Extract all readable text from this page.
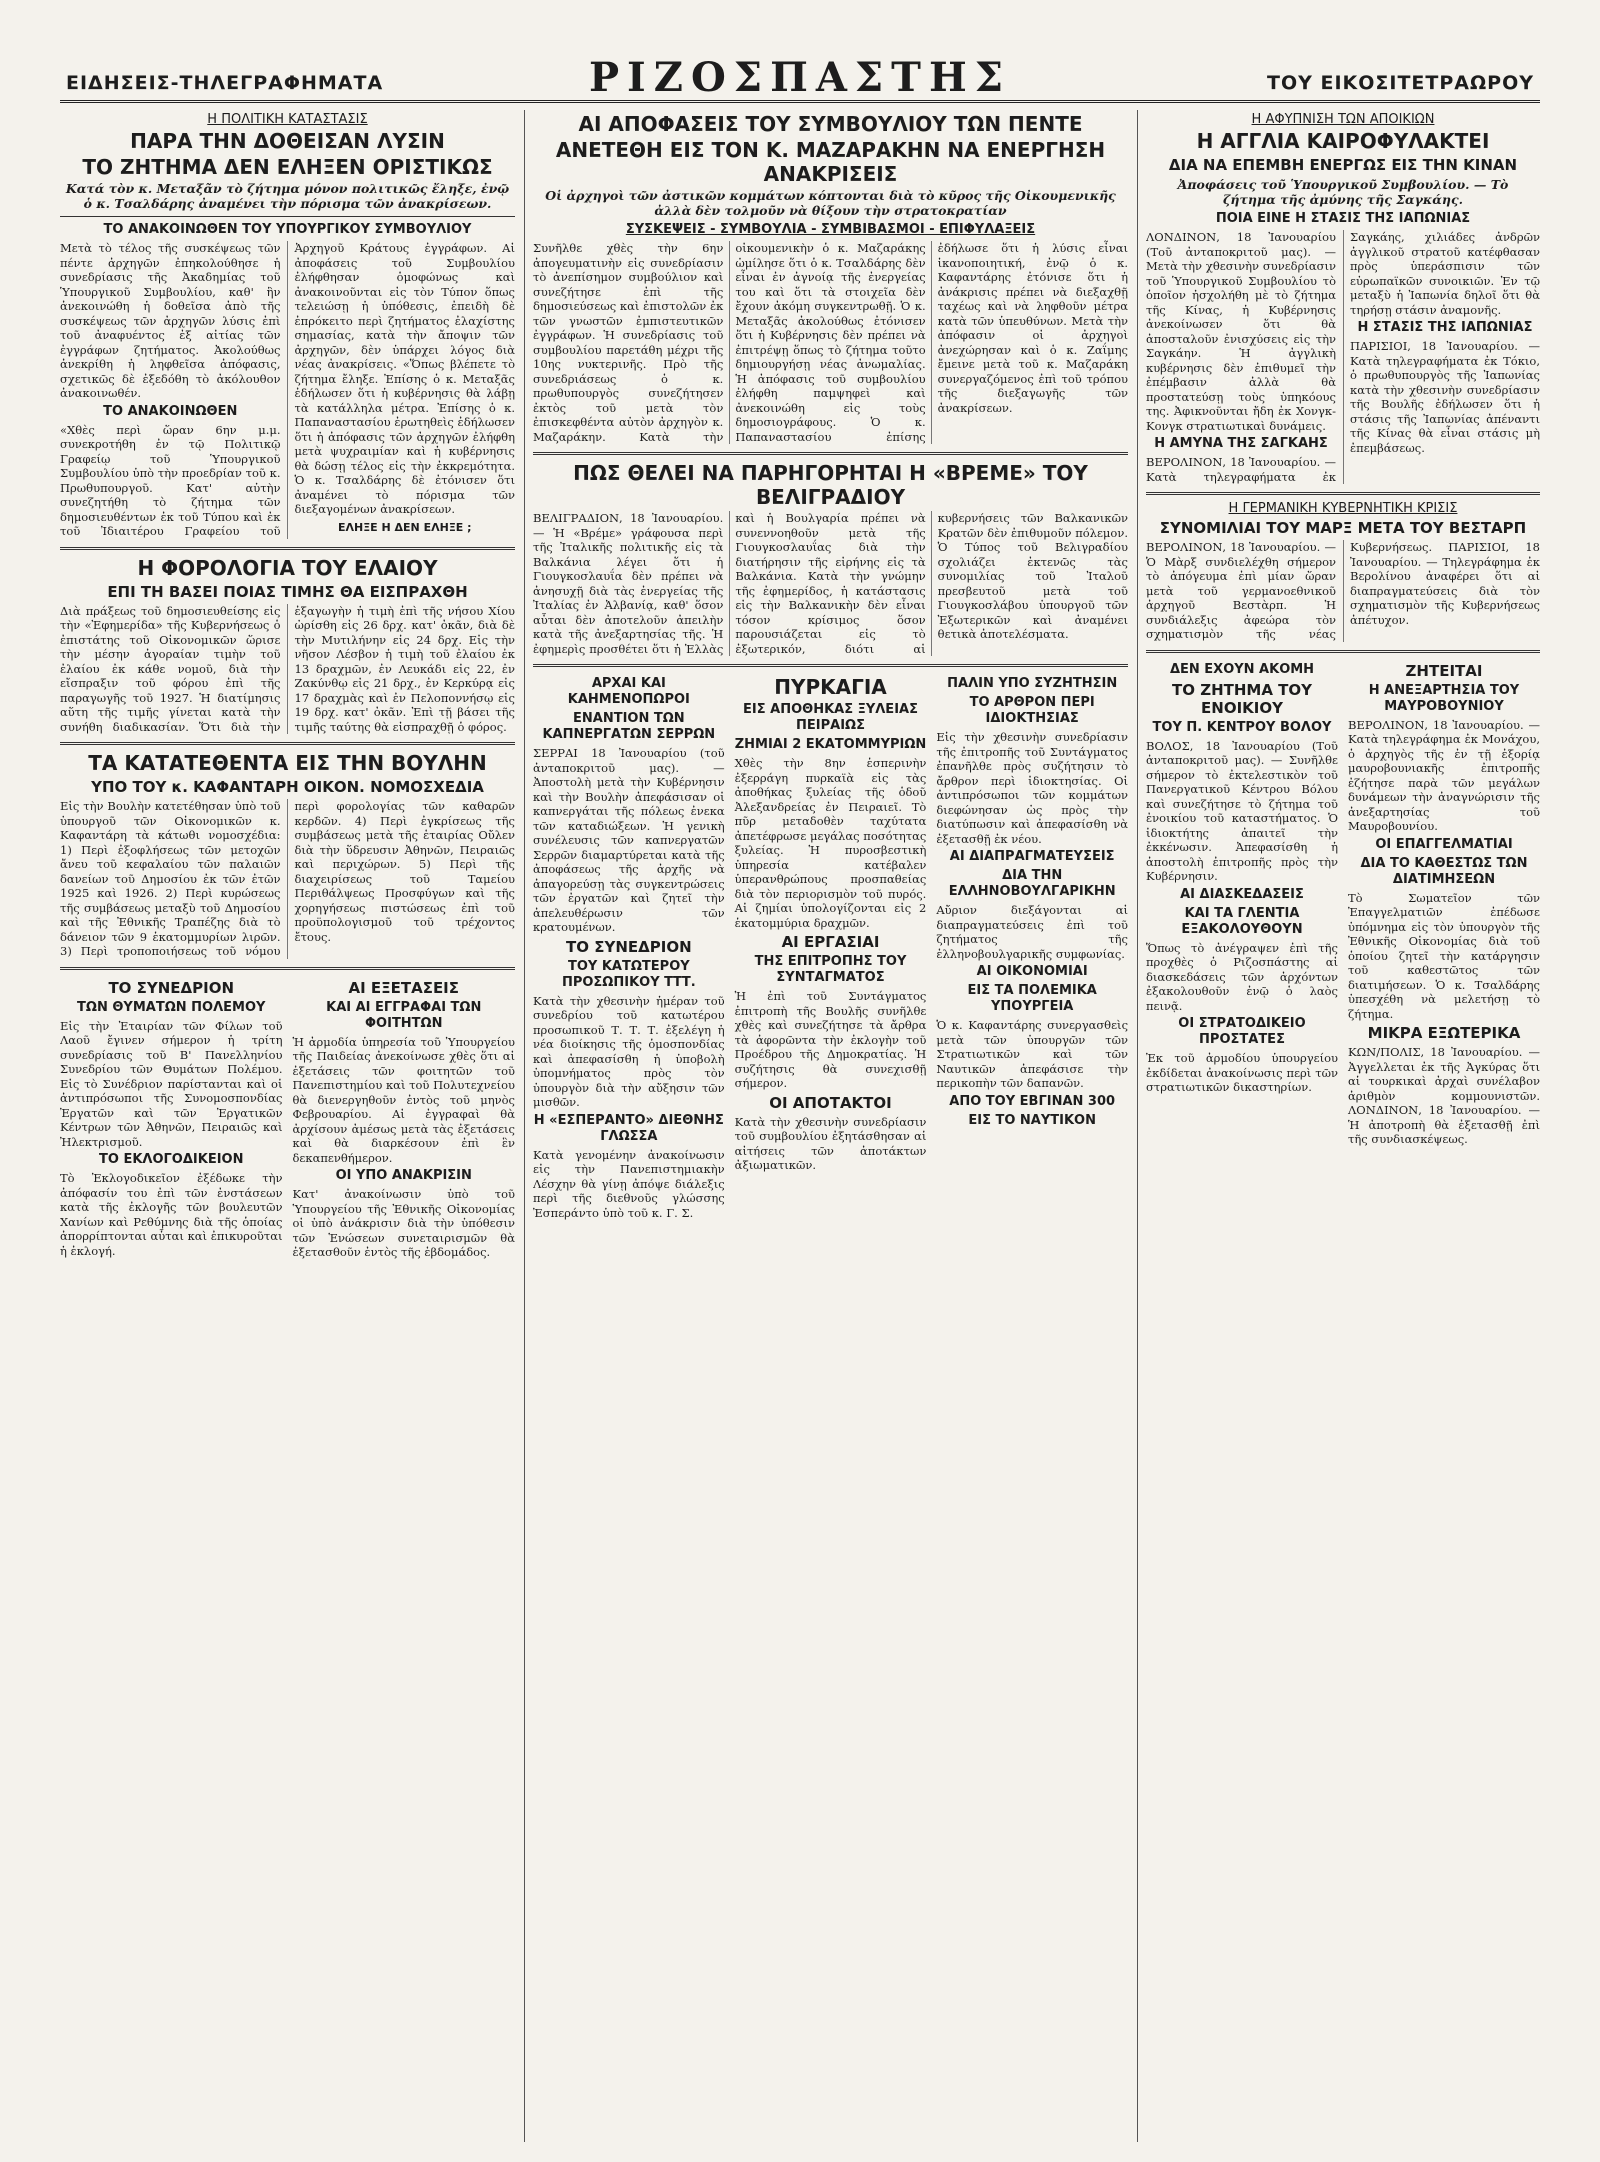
ΕΙΔΗΣΕΙΣ-ΤΗΛΕΓΡΑΦΗΜΑΤΑ	ΡΙΖΟΣΠΑΣΤΗΣ	ΤΟΥ ΕΙΚΟΣΙΤΕΤΡΑΩΡΟΥ
Η ΠΟΛΙΤΙΚΗ ΚΑΤΑΣΤΑΣΙΣ
ΠΑΡΑ ΤΗΝ ΔΟΘΕΙΣΑΝ ΛΥΣΙΝ
ΤΟ ΖΗΤΗΜΑ ΔΕΝ ΕΛΗΞΕΝ ΟΡΙΣΤΙΚΩΣ
Κατά τὸν κ. Μεταξᾶν τὸ ζήτημα μόνον πολιτικῶς ἔληξε, ἐνῷ ὁ κ. Τσαλδάρης ἀναμένει τὴν πόρισμα τῶν ἀνακρίσεων.
ΤΟ ΑΝΑΚΟΙΝΩΘΕΝ ΤΟΥ ΥΠΟΥΡΓΙΚΟΥ ΣΥΜΒΟΥΛΙΟΥ
Μετὰ τὸ τέλος τῆς συσκέψεως τῶν πέντε ἀρχηγῶν ἐπηκολούθησε ἡ συνεδρίασις τῆς Ἀκαδημίας τοῦ Ὑπουργικοῦ Συμβουλίου, καθ' ἣν ἀνεκοινώθη ἡ δοθεῖσα ἀπὸ τῆς συσκέψεως τῶν ἀρχηγῶν λύσις ἐπὶ τοῦ ἀναφυέντος ἐξ αἰτίας τῶν ἐγγράφων ζητήματος. Ἀκολούθως ἀνεκρίθη ἡ ληφθεῖσα ἀπόφασις, σχετικῶς δὲ ἐξεδόθη τὸ ἀκόλουθον ἀνακοινωθέν.
ΤΟ ΑΝΑΚΟΙΝΩΘΕΝ
«Χθὲς περὶ ὥραν 6ην μ.μ. συνεκροτήθη ἐν τῷ Πολιτικῷ Γραφείῳ τοῦ Ὑπουργικοῦ Συμβουλίου ὑπὸ τὴν προεδρίαν τοῦ κ. Πρωθυπουργοῦ. Κατ' αὐτὴν συνεζητήθη τὸ ζήτημα τῶν δημοσιευθέντων ἐκ τοῦ Τύπου καὶ ἐκ τοῦ Ἰδιαιτέρου Γραφείου τοῦ Ἀρχηγοῦ Κράτους ἐγγράφων. Αἱ ἀποφάσεις τοῦ Συμβουλίου ἐλήφθησαν ὁμοφώνως καὶ ἀνακοινοῦνται εἰς τὸν Τύπον ὅπως τελειώσῃ ἡ ὑπόθεσις, ἐπειδὴ δὲ ἐπρόκειτο περὶ ζητήματος ἐλαχίστης σημασίας, κατὰ τὴν ἄποψιν τῶν ἀρχηγῶν, δὲν ὑπάρχει λόγος διὰ νέας ἀνακρίσεις. «Ὅπως βλέπετε τὸ ζήτημα ἔληξε. Ἐπίσης ὁ κ. Μεταξᾶς ἐδήλωσεν ὅτι ἡ κυβέρνησις θὰ λάβῃ τὰ κατάλληλα μέτρα. Ἐπίσης ὁ κ. Παπαναστασίου ἐρωτηθεὶς ἐδήλωσεν ὅτι ἡ ἀπόφασις τῶν ἀρχηγῶν ἐλήφθη μετὰ ψυχραιμίαν καὶ ἡ κυβέρνησις θὰ δώσῃ τέλος εἰς τὴν ἐκκρεμότητα. Ὁ κ. Τσαλδάρης δὲ ἐτόνισεν ὅτι ἀναμένει τὸ πόρισμα τῶν διεξαγομένων ἀνακρίσεων.
ΕΛΗΞΕ Η ΔΕΝ ΕΛΗΞΕ ;
Η ΦΟΡΟΛΟΓΙΑ ΤΟΥ ΕΛΑΙΟΥ
ΕΠΙ ΤΗ ΒΑΣΕΙ ΠΟΙΑΣ ΤΙΜΗΣ ΘΑ ΕΙΣΠΡΑΧΘΗ
Διὰ πράξεως τοῦ δημοσιευθείσης εἰς τὴν «Ἐφημερίδα» τῆς Κυβερνήσεως ὁ ἐπιστάτης τοῦ Οἰκονομικῶν ὥρισε τὴν μέσην ἀγοραίαν τιμὴν τοῦ ἐλαίου ἐκ κάθε νομοῦ, διὰ τὴν εἴσπραξιν τοῦ φόρου ἐπὶ τῆς παραγωγῆς τοῦ 1927. Ἡ διατίμησις αὕτη τῆς τιμῆς γίνεται κατὰ τὴν συνήθη διαδικασίαν. Ὅτι διὰ τὴν ἐξαγωγὴν ἡ τιμὴ ἐπὶ τῆς νήσου Χίου ὠρίσθη εἰς 26 δρχ. κατ' ὀκᾶν, διὰ δὲ τὴν Μυτιλήνην εἰς 24 δρχ. Εἰς τὴν νῆσον Λέσβον ἡ τιμὴ τοῦ ἐλαίου ἐκ 13 δραχμῶν, ἐν Λευκάδι εἰς 22, ἐν Ζακύνθῳ εἰς 21 δρχ., ἐν Κερκύρᾳ εἰς 17 δραχμὰς καὶ ἐν Πελοποννήσῳ εἰς 19 δρχ. κατ' ὀκᾶν. Ἐπὶ τῇ βάσει τῆς τιμῆς ταύτης θὰ εἰσπραχθῇ ὁ φόρος.
ΤΑ ΚΑΤΑΤΕΘΕΝΤΑ ΕΙΣ ΤΗΝ ΒΟΥΛΗΝ
ΥΠΟ ΤΟΥ κ. ΚΑΦΑΝΤΑΡΗ ΟΙΚΟΝ. ΝΟΜΟΣΧΕΔΙΑ
Εἰς τὴν Βουλὴν κατετέθησαν ὑπὸ τοῦ ὑπουργοῦ τῶν Οἰκονομικῶν κ. Καφαντάρη τὰ κάτωθι νομοσχέδια: 1) Περὶ ἐξοφλήσεως τῶν μετοχῶν ἄνευ τοῦ κεφαλαίου τῶν παλαιῶν δανείων τοῦ Δημοσίου ἐκ τῶν ἐτῶν 1925 καὶ 1926. 2) Περὶ κυρώσεως τῆς συμβάσεως μεταξὺ τοῦ Δημοσίου καὶ τῆς Ἐθνικῆς Τραπέζης διὰ τὸ δάνειον τῶν 9 ἑκατομμυρίων λιρῶν. 3) Περὶ τροποποιήσεως τοῦ νόμου περὶ φορολογίας τῶν καθαρῶν κερδῶν. 4) Περὶ ἐγκρίσεως τῆς συμβάσεως μετὰ τῆς ἑταιρίας Οὔλεν διὰ τὴν ὕδρευσιν Ἀθηνῶν, Πειραιῶς καὶ περιχώρων. 5) Περὶ τῆς διαχειρίσεως τοῦ Ταμείου Περιθάλψεως Προσφύγων καὶ τῆς χορηγήσεως πιστώσεως ἐπὶ τοῦ προϋπολογισμοῦ τοῦ τρέχοντος ἔτους.
ΤΟ ΣΥΝΕΔΡΙΟΝ
ΤΩΝ ΘΥΜΑΤΩΝ ΠΟΛΕΜΟΥ
Εἰς τὴν Ἑταιρίαν τῶν Φίλων τοῦ Λαοῦ ἔγινεν σήμερον ἡ τρίτη συνεδρίασις τοῦ Β' Πανελληνίου Συνεδρίου τῶν Θυμάτων Πολέμου. Εἰς τὸ Συνέδριον παρίστανται καὶ οἱ ἀντιπρόσωποι τῆς Συνομοσπονδίας Ἐργατῶν καὶ τῶν Ἐργατικῶν Κέντρων τῶν Ἀθηνῶν, Πειραιῶς καὶ Ἠλεκτρισμοῦ.
ΤΟ ΕΚΛΟΓΟΔΙΚΕΙΟΝ
Τὸ Ἐκλογοδικεῖον ἐξέδωκε τὴν ἀπόφασίν του ἐπὶ τῶν ἐνστάσεων κατὰ τῆς ἐκλογῆς τῶν βουλευτῶν Χανίων καὶ Ρεθύμνης διὰ τῆς ὁποίας ἀπορρίπτονται αὗται καὶ ἐπικυροῦται ἡ ἐκλογή.
ΑΙ ΕΞΕΤΑΣΕΙΣ
ΚΑΙ ΑΙ ΕΓΓΡΑΦΑΙ ΤΩΝ ΦΟΙΤΗΤΩΝ
Ἡ ἀρμοδία ὑπηρεσία τοῦ Ὑπουργείου τῆς Παιδείας ἀνεκοίνωσε χθὲς ὅτι αἱ ἐξετάσεις τῶν φοιτητῶν τοῦ Πανεπιστημίου καὶ τοῦ Πολυτεχνείου θὰ διενεργηθοῦν ἐντὸς τοῦ μηνὸς Φεβρουαρίου. Αἱ ἐγγραφαὶ θὰ ἀρχίσουν ἀμέσως μετὰ τὰς ἐξετάσεις καὶ θὰ διαρκέσουν ἐπὶ ἓν δεκαπενθήμερον.
ΟΙ ΥΠΟ ΑΝΑΚΡΙΣΙΝ
Κατ' ἀνακοίνωσιν ὑπὸ τοῦ Ὑπουργείου τῆς Ἐθνικῆς Οἰκονομίας οἱ ὑπὸ ἀνάκρισιν διὰ τὴν ὑπόθεσιν τῶν Ἑνώσεων συνεταιρισμῶν θὰ ἐξετασθοῦν ἐντὸς τῆς ἑβδομάδος.
ΑΙ ΑΠΟΦΑΣΕΙΣ ΤΟΥ ΣΥΜΒΟΥΛΙΟΥ ΤΩΝ ΠΕΝΤΕ
ΑΝΕΤΕΘΗ ΕΙΣ ΤΟΝ Κ. ΜΑΖΑΡΑΚΗΝ ΝΑ ΕΝΕΡΓΗΣΗ ΑΝΑΚΡΙΣΕΙΣ
Οἱ ἀρχηγοὶ τῶν ἀστικῶν κομμάτων κόπτονται διὰ τὸ κῦρος τῆς Οἰκουμενικῆς ἀλλὰ δὲν τολμοῦν νὰ θίξουν τὴν στρατοκρατίαν
ΣΥΣΚΕΨΕΙΣ - ΣΥΜΒΟΥΛΙΑ - ΣΥΜΒΙΒΑΣΜΟΙ - ΕΠΙΦΥΛΑΞΕΙΣ
Συνῆλθε χθὲς τὴν 6ην ἀπογευματινὴν εἰς συνεδρίασιν τὸ ἀνεπίσημον συμβούλιον καὶ συνεζήτησε ἐπὶ τῆς δημοσιεύσεως καὶ ἐπιστολῶν ἐκ τῶν γνωστῶν ἐμπιστευτικῶν ἐγγράφων. Ἡ συνεδρίασις τοῦ συμβουλίου παρετάθη μέχρι τῆς 10ης νυκτερινῆς. Πρὸ τῆς συνεδριάσεως ὁ κ. πρωθυπουργὸς συνεζήτησεν ἐκτὸς τοῦ μετὰ τὸν ἐπισκεφθέντα αὐτὸν ἀρχηγὸν κ. Μαζαράκην. Κατὰ τὴν οἰκουμενικὴν ὁ κ. Μαζαράκης ὡμίλησε ὅτι ὁ κ. Τσαλδάρης δὲν εἶναι ἐν ἀγνοίᾳ τῆς ἐνεργείας του καὶ ὅτι τὰ στοιχεῖα δὲν ἔχουν ἀκόμη συγκεντρωθῇ. Ὁ κ. Μεταξᾶς ἀκολούθως ἐτόνισεν ὅτι ἡ Κυβέρνησις δὲν πρέπει νὰ ἐπιτρέψῃ ὅπως τὸ ζήτημα τοῦτο δημιουργήσῃ νέας ἀνωμαλίας. Ἡ ἀπόφασις τοῦ συμβουλίου ἐλήφθη παμψηφεὶ καὶ ἀνεκοινώθη εἰς τοὺς δημοσιογράφους. Ὁ κ. Παπαναστασίου ἐπίσης ἐδήλωσε ὅτι ἡ λύσις εἶναι ἱκανοποιητική, ἐνῷ ὁ κ. Καφαντάρης ἐτόνισε ὅτι ἡ ἀνάκρισις πρέπει νὰ διεξαχθῇ ταχέως καὶ νὰ ληφθοῦν μέτρα κατὰ τῶν ὑπευθύνων. Μετὰ τὴν ἀπόφασιν οἱ ἀρχηγοὶ ἀνεχώρησαν καὶ ὁ κ. Ζαΐμης ἔμεινε μετὰ τοῦ κ. Μαζαράκη συνεργαζόμενος ἐπὶ τοῦ τρόπου τῆς διεξαγωγῆς τῶν ἀνακρίσεων.
ΠΩΣ ΘΕΛΕΙ ΝΑ ΠΑΡΗΓΟΡΗΤΑΙ Η «ΒΡΕΜΕ» ΤΟΥ ΒΕΛΙΓΡΑΔΙΟΥ
ΒΕΛΙΓΡΑΔΙΟΝ, 18 Ἰανουαρίου. — Ἡ «Βρέμε» γράφουσα περὶ τῆς Ἰταλικῆς πολιτικῆς εἰς τὰ Βαλκάνια λέγει ὅτι ἡ Γιουγκοσλαυΐα δὲν πρέπει νὰ ἀνησυχῇ διὰ τὰς ἐνεργείας τῆς Ἰταλίας ἐν Ἀλβανίᾳ, καθ' ὅσον αὗται δὲν ἀποτελοῦν ἀπειλὴν κατὰ τῆς ἀνεξαρτησίας τῆς. Ἡ ἐφημερὶς προσθέτει ὅτι ἡ Ἑλλὰς καὶ ἡ Βουλγαρία πρέπει νὰ συνεννοηθοῦν μετὰ τῆς Γιουγκοσλαυΐας διὰ τὴν διατήρησιν τῆς εἰρήνης εἰς τὰ Βαλκάνια. Κατὰ τὴν γνώμην τῆς ἐφημερίδος, ἡ κατάστασις εἰς τὴν Βαλκανικὴν δὲν εἶναι τόσον κρίσιμος ὅσον παρουσιάζεται εἰς τὸ ἐξωτερικόν, διότι αἱ κυβερνήσεις τῶν Βαλκανικῶν Κρατῶν δὲν ἐπιθυμοῦν πόλεμον. Ὁ Τύπος τοῦ Βελιγραδίου σχολιάζει ἐκτενῶς τὰς συνομιλίας τοῦ Ἰταλοῦ πρεσβευτοῦ μετὰ τοῦ Γιουγκοσλάβου ὑπουργοῦ τῶν Ἐξωτερικῶν καὶ ἀναμένει θετικὰ ἀποτελέσματα.
ΑΡΧΑΙ ΚΑΙ ΚΑΗΜΕΝΟΠΩΡΟΙ
ΕΝΑΝΤΙΟΝ ΤΩΝ ΚΑΠΝΕΡΓΑΤΩΝ ΣΕΡΡΩΝ
ΣΕΡΡΑΙ 18 Ἰανουαρίου (τοῦ ἀνταποκριτοῦ μας). — Ἀποστολὴ μετὰ τὴν Κυβέρνησιν καὶ τὴν Βουλὴν ἀπεφάσισαν οἱ καπνεργάται τῆς πόλεως ἐνεκα τῶν καταδιώξεων. Ἡ γενικὴ συνέλευσις τῶν καπνεργατῶν Σερρῶν διαμαρτύρεται κατὰ τῆς ἀποφάσεως τῆς ἀρχῆς νὰ ἀπαγορεύσῃ τὰς συγκεντρώσεις τῶν ἐργατῶν καὶ ζητεῖ τὴν ἀπελευθέρωσιν τῶν κρατουμένων.
ΤΟ ΣΥΝΕΔΡΙΟΝ
ΤΟΥ ΚΑΤΩΤΕΡΟΥ ΠΡΟΣΩΠΙΚΟΥ ΤΤΤ.
Κατὰ τὴν χθεσινὴν ἡμέραν τοῦ συνεδρίου τοῦ κατωτέρου προσωπικοῦ Τ. Τ. Τ. ἐξελέγη ἡ νέα διοίκησις τῆς ὁμοσπονδίας καὶ ἀπεφασίσθη ἡ ὑποβολὴ ὑπομνήματος πρὸς τὸν ὑπουργὸν διὰ τὴν αὔξησιν τῶν μισθῶν.
Η «ΕΣΠΕΡΑΝΤΟ» ΔΙΕΘΝΗΣ ΓΛΩΣΣΑ
Κατὰ γενομένην ἀνακοίνωσιν εἰς τὴν Πανεπιστημιακὴν Λέσχην θὰ γίνῃ ἀπόψε διάλεξις περὶ τῆς διεθνοῦς γλώσσης Ἐσπεράντο ὑπὸ τοῦ κ. Γ. Σ.
ΠΥΡΚΑΓΙΑ
ΕΙΣ ΑΠΟΘΗΚΑΣ ΞΥΛΕΙΑΣ ΠΕΙΡΑΙΩΣ
ΖΗΜΙΑΙ 2 ΕΚΑΤΟΜΜΥΡΙΩΝ
Χθὲς τὴν 8ην ἑσπερινὴν ἐξερράγη πυρκαϊὰ εἰς τὰς ἀποθήκας ξυλείας τῆς ὁδοῦ Ἀλεξανδρείας ἐν Πειραιεῖ. Τὸ πῦρ μεταδοθὲν ταχύτατα ἀπετέφρωσε μεγάλας ποσότητας ξυλείας. Ἡ πυροσβεστικὴ ὑπηρεσία κατέβαλεν ὑπερανθρώπους προσπαθείας διὰ τὸν περιορισμὸν τοῦ πυρός. Αἱ ζημίαι ὑπολογίζονται εἰς 2 ἑκατομμύρια δραχμῶν.
ΑΙ ΕΡΓΑΣΙΑΙ
ΤΗΣ ΕΠΙΤΡΟΠΗΣ ΤΟΥ ΣΥΝΤΑΓΜΑΤΟΣ
Ἡ ἐπὶ τοῦ Συντάγματος ἐπιτροπὴ τῆς Βουλῆς συνῆλθε χθὲς καὶ συνεζήτησε τὰ ἄρθρα τὰ ἀφορῶντα τὴν ἐκλογὴν τοῦ Προέδρου τῆς Δημοκρατίας. Ἡ συζήτησις θὰ συνεχισθῇ σήμερον.
ΟΙ ΑΠΟΤΑΚΤΟΙ
Κατὰ τὴν χθεσινὴν συνεδρίασιν τοῦ συμβουλίου ἐξητάσθησαν αἱ αἰτήσεις τῶν ἀποτάκτων ἀξιωματικῶν.
ΠΑΛΙΝ ΥΠΟ ΣΥΖΗΤΗΣΙΝ
ΤΟ ΑΡΘΡΟΝ ΠΕΡΙ ΙΔΙΟΚΤΗΣΙΑΣ
Εἰς τὴν χθεσινὴν συνεδρίασιν τῆς ἐπιτροπῆς τοῦ Συντάγματος ἐπανῆλθε πρὸς συζήτησιν τὸ ἄρθρον περὶ ἰδιοκτησίας. Οἱ ἀντιπρόσωποι τῶν κομμάτων διεφώνησαν ὡς πρὸς τὴν διατύπωσιν καὶ ἀπεφασίσθη νὰ ἐξετασθῇ ἐκ νέου.
ΑΙ ΔΙΑΠΡΑΓΜΑΤΕΥΣΕΙΣ
ΔΙΑ ΤΗΝ ΕΛΛΗΝΟΒΟΥΛΓΑΡΙΚΗΝ
Αὔριον διεξάγονται αἱ διαπραγματεύσεις ἐπὶ τοῦ ζητήματος τῆς ἑλληνοβουλγαρικῆς συμφωνίας.
ΑΙ ΟΙΚΟΝΟΜΙΑΙ
ΕΙΣ ΤΑ ΠΟΛΕΜΙΚΑ ΥΠΟΥΡΓΕΙΑ
Ὁ κ. Καφαντάρης συνεργασθεὶς μετὰ τῶν ὑπουργῶν τῶν Στρατιωτικῶν καὶ τῶν Ναυτικῶν ἀπεφάσισε τὴν περικοπὴν τῶν δαπανῶν.
ΑΠΟ ΤΟΥ ΕΒΓΙΝΑΝ 300
ΕΙΣ ΤΟ ΝΑΥΤΙΚΟΝ
Η ΑΦΥΠΝΙΣΗ ΤΩΝ ΑΠΟΙΚΙΩΝ
Η ΑΓΓΛΙΑ ΚΑΙΡΟΦΥΛΑΚΤΕΙ
ΔΙΑ ΝΑ ΕΠΕΜΒΗ ΕΝΕΡΓΩΣ ΕΙΣ ΤΗΝ ΚΙΝΑΝ
Ἀποφάσεις τοῦ Ὑπουργικοῦ Συμβουλίου. — Τὸ ζήτημα τῆς ἀμύνης τῆς Σαγκάης.
ΠΟΙΑ ΕΙΝΕ Η ΣΤΑΣΙΣ ΤΗΣ ΙΑΠΩΝΙΑΣ
ΛΟΝΔΙΝΟΝ, 18 Ἰανουαρίου (Τοῦ ἀνταποκριτοῦ μας). — Μετὰ τὴν χθεσινὴν συνεδρίασιν τοῦ Ὑπουργικοῦ Συμβουλίου τὸ ὁποῖον ἠσχολήθη μὲ τὸ ζήτημα τῆς Κίνας, ἡ Κυβέρνησις ἀνεκοίνωσεν ὅτι θὰ ἀποσταλοῦν ἐνισχύσεις εἰς τὴν Σαγκάην. Ἡ ἀγγλικὴ κυβέρνησις δὲν ἐπιθυμεῖ τὴν ἐπέμβασιν ἀλλὰ θὰ προστατεύσῃ τοὺς ὑπηκόους της. Ἀφικνοῦνται ἤδη ἐκ Χονγκ-Κονγκ στρατιωτικαὶ δυνάμεις.
Η ΑΜΥΝΑ ΤΗΣ ΣΑΓΚΑΗΣ
ΒΕΡΟΛΙΝΟΝ, 18 Ἰανουαρίου. — Κατὰ τηλεγραφήματα ἐκ Σαγκάης, χιλιάδες ἀνδρῶν ἀγγλικοῦ στρατοῦ κατέφθασαν πρὸς ὑπεράσπισιν τῶν εὐρωπαϊκῶν συνοικιῶν. Ἐν τῷ μεταξὺ ἡ Ἰαπωνία δηλοῖ ὅτι θὰ τηρήσῃ στάσιν ἀναμονῆς.
Η ΣΤΑΣΙΣ ΤΗΣ ΙΑΠΩΝΙΑΣ
ΠΑΡΙΣΙΟΙ, 18 Ἰανουαρίου. — Κατὰ τηλεγραφήματα ἐκ Τόκιο, ὁ πρωθυπουργὸς τῆς Ἰαπωνίας κατὰ τὴν χθεσινὴν συνεδρίασιν τῆς Βουλῆς ἐδήλωσεν ὅτι ἡ στάσις τῆς Ἰαπωνίας ἀπέναντι τῆς Κίνας θὰ εἶναι στάσις μὴ ἐπεμβάσεως.
Η ΓΕΡΜΑΝΙΚΗ ΚΥΒΕΡΝΗΤΙΚΗ ΚΡΙΣΙΣ
ΣΥΝΟΜΙΛΙΑΙ ΤΟΥ ΜΑΡΞ ΜΕΤΑ ΤΟΥ ΒΕΣΤΑΡΠ
ΒΕΡΟΛΙΝΟΝ, 18 Ἰανουαρίου. — Ὁ Μὰρξ συνδιελέχθη σήμερον τὸ ἀπόγευμα ἐπὶ μίαν ὥραν μετὰ τοῦ γερμανοεθνικοῦ ἀρχηγοῦ Βεστὰρπ. Ἡ συνδιάλεξις ἀφεώρα τὸν σχηματισμὸν τῆς νέας Κυβερνήσεως. ΠΑΡΙΣΙΟΙ, 18 Ἰανουαρίου. — Τηλεγράφημα ἐκ Βερολίνου ἀναφέρει ὅτι αἱ διαπραγματεύσεις διὰ τὸν σχηματισμὸν τῆς Κυβερνήσεως ἀπέτυχον.
ΔΕΝ ΕΧΟΥΝ ΑΚΟΜΗ
ΤΟ ΖΗΤΗΜΑ ΤΟΥ ΕΝΟΙΚΙΟΥ
ΤΟΥ Π. ΚΕΝΤΡΟΥ ΒΟΛΟΥ
ΒΟΛΟΣ, 18 Ἰανουαρίου (Τοῦ ἀνταποκριτοῦ μας). — Συνῆλθε σήμερον τὸ ἐκτελεστικὸν τοῦ Πανεργατικοῦ Κέντρου Βόλου καὶ συνεζήτησε τὸ ζήτημα τοῦ ἐνοικίου τοῦ καταστήματος. Ὁ ἰδιοκτήτης ἀπαιτεῖ τὴν ἐκκένωσιν. Ἀπεφασίσθη ἡ ἀποστολὴ ἐπιτροπῆς πρὸς τὴν Κυβέρνησιν.
ΑΙ ΔΙΑΣΚΕΔΑΣΕΙΣ
ΚΑΙ ΤΑ ΓΛΕΝΤΙΑ ΕΞΑΚΟΛΟΥΘΟΥΝ
Ὅπως τὸ ἀνέγραψεν ἐπὶ τῆς προχθὲς ὁ Ριζοσπάστης αἱ διασκεδάσεις τῶν ἀρχόντων ἐξακολουθοῦν ἐνῷ ὁ λαὸς πεινᾷ.
ΟΙ ΣΤΡΑΤΟΔΙΚΕΙΟ ΠΡΟΣΤΑΤΕΣ
Ἐκ τοῦ ἀρμοδίου ὑπουργείου ἐκδίδεται ἀνακοίνωσις περὶ τῶν στρατιωτικῶν δικαστηρίων.
ΖΗΤΕΙΤΑΙ
Η ΑΝΕΞΑΡΤΗΣΙΑ ΤΟΥ ΜΑΥΡΟΒΟΥΝΙΟΥ
ΒΕΡΟΛΙΝΟΝ, 18 Ἰανουαρίου. — Κατὰ τηλεγράφημα ἐκ Μονάχου, ὁ ἀρχηγὸς τῆς ἐν τῇ ἐξορίᾳ μαυροβουνιακῆς ἐπιτροπῆς ἐζήτησε παρὰ τῶν μεγάλων δυνάμεων τὴν ἀναγνώρισιν τῆς ἀνεξαρτησίας τοῦ Μαυροβουνίου.
ΟΙ ΕΠΑΓΓΕΛΜΑΤΙΑΙ
ΔΙΑ ΤΟ ΚΑΘΕΣΤΩΣ ΤΩΝ ΔΙΑΤΙΜΗΣΕΩΝ
Τὸ Σωματεῖον τῶν Ἐπαγγελματιῶν ἐπέδωσε ὑπόμνημα εἰς τὸν ὑπουργὸν τῆς Ἐθνικῆς Οἰκονομίας διὰ τοῦ ὁποίου ζητεῖ τὴν κατάργησιν τοῦ καθεστῶτος τῶν διατιμήσεων. Ὁ κ. Τσαλδάρης ὑπεσχέθη νὰ μελετήσῃ τὸ ζήτημα.
ΜΙΚΡΑ ΕΞΩΤΕΡΙΚΑ
ΚΩΝ/ΠΟΛΙΣ, 18 Ἰανουαρίου. — Ἀγγελλεται ἐκ τῆς Ἀγκύρας ὅτι αἱ τουρκικαὶ ἀρχαὶ συνέλαβον ἀριθμὸν κομμουνιστῶν. ΛΟΝΔΙΝΟΝ, 18 Ἰανουαρίου. — Ἡ ἀποτροπὴ θὰ ἐξετασθῇ ἐπὶ τῆς συνδιασκέψεως.
